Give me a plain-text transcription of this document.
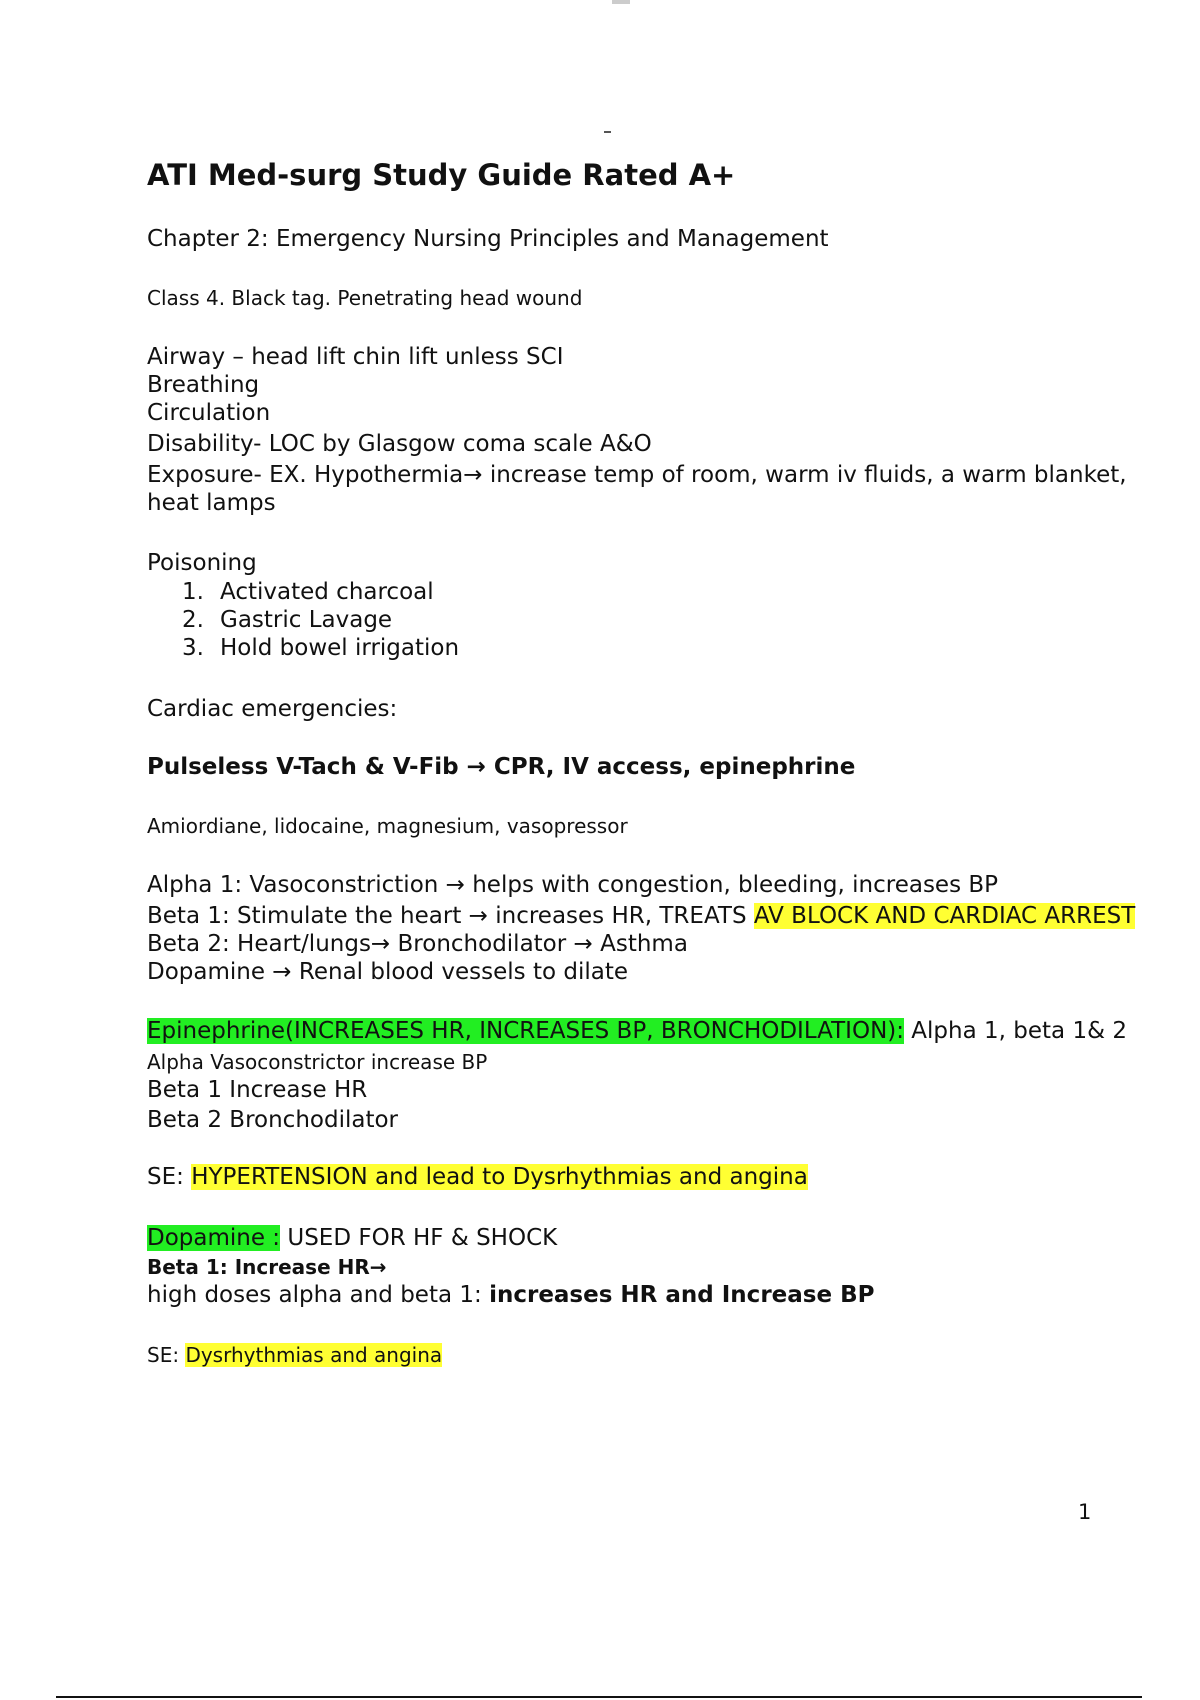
ATI Med-surg Study Guide Rated A+

Chapter 2: Emergency Nursing Principles and Management

Class 4. Black tag. Penetrating head wound

Airway – head lift chin lift unless SCI

Breathing

Circulation

Disability- LOC by Glasgow coma scale A&O

Exposure- EX. Hypothermia→ increase temp of room, warm iv fluids, a warm blanket,

heat lamps

Poisoning

1. Activated charcoal
2. Gastric Lavage
3. Hold bowel irrigation

Cardiac emergencies:

Pulseless V-Tach & V-Fib → CPR, IV access, epinephrine

Amiordiane, lidocaine, magnesium, vasopressor

Alpha 1: Vasoconstriction → helps with congestion, bleeding, increases BP

Beta 1: Stimulate the heart → increases HR, TREATS AV BLOCK AND CARDIAC ARREST

Beta 2: Heart/lungs→ Bronchodilator → Asthma

Dopamine → Renal blood vessels to dilate

Epinephrine(INCREASES HR, INCREASES BP, BRONCHODILATION): Alpha 1, beta 1& 2

Alpha Vasoconstrictor increase BP

Beta 1 Increase HR

Beta 2 Bronchodilator

SE: HYPERTENSION and lead to Dysrhythmias and angina

Dopamine : USED FOR HF & SHOCK

Beta 1: Increase HR→

high doses alpha and beta 1: increases HR and Increase BP

SE: Dysrhythmias and angina

1
